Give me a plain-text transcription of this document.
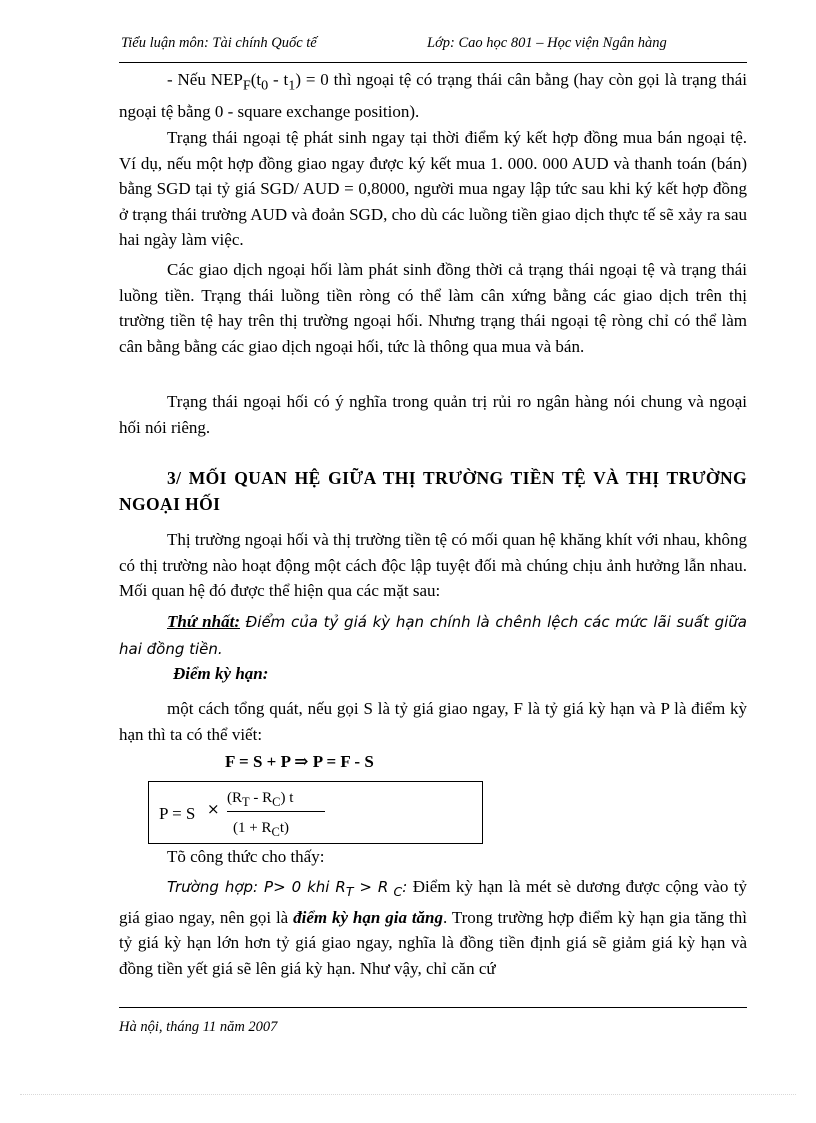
Tiểu luận môn: Tài chính Quốc tế	Lớp: Cao học 801 – Học viện Ngân hàng

- Nếu $NEP_F(t_0 - t_1) = 0$ thì ngoại tệ có trạng thái cân bằng (hay còn gọi là trạng thái ngoại tệ bằng 0 - square exchange position).

Trạng thái ngoại tệ phát sinh ngay tại thời điểm ký kết hợp đồng mua bán ngoại tệ. Ví dụ, nếu một hợp đồng giao ngay được ký kết mua 1. 000. 000 AUD và thanh toán (bán) bằng SGD tại tỷ giá SGD/ AUD = 0,8000, người mua ngay lập tức sau khi ký kết hợp đồng ở trạng thái trường AUD và đoản SGD, cho dù các luồng tiền giao dịch thực tế sẽ xảy ra sau hai ngày làm việc.

Các giao dịch ngoại hối làm phát sinh đồng thời cả trạng thái ngoại tệ và trạng thái luồng tiền. Trạng thái luồng tiền ròng có thể làm cân xứng bằng các giao dịch trên thị trường tiền tệ hay trên thị trường ngoại hối. Nhưng trạng thái ngoại tệ ròng chỉ có thể làm cân bằng bằng các giao dịch ngoại hối, tức là thông qua mua và bán.

Trạng thái ngoại hối có ý nghĩa trong quản trị rủi ro ngân hàng nói chung và ngoại hối nói riêng.

3/ MỐI QUAN HỆ GIỮA THỊ TRƯỜNG TIỀN TỆ VÀ THỊ TRƯỜNG NGOẠI HỐI

Thị trường ngoại hối và thị trường tiền tệ có mối quan hệ khăng khít với nhau, không có thị trường nào hoạt động một cách độc lập tuyệt đối mà chúng chịu ảnh hưởng lẫn nhau. Mối quan hệ đó được thể hiện qua các mặt sau:

Thứ nhất: Điểm của tỷ giá kỳ hạn chính là chênh lệch các mức lãi suất giữa hai đồng tiền.

Điểm kỳ hạn:

một cách tổng quát, nếu gọi S là tỷ giá giao ngay, F là tỷ giá kỳ hạn và P là điểm kỳ hạn thì ta có thể viết:

F = S + P ⇒ P = F - S
P = S ×
$(R_T - R_C)$ t
$(1 + R_Ct)$

Tõ công thức cho thấy:

Trường hợp: P> 0 khi $R_T > R$ $_C$: Điểm kỳ hạn là mét sè dương được cộng vào tỷ giá giao ngay, nên gọi là điểm kỳ hạn gia tăng. Trong trường hợp điểm kỳ hạn gia tăng thì tỷ giá kỳ hạn lớn hơn tỷ giá giao ngay, nghĩa là đồng tiền định giá sẽ giảm giá kỳ hạn và đồng tiền yết giá sẽ lên giá kỳ hạn. Như vậy, chỉ căn cứ

Hà nội, tháng 11 năm 2007
